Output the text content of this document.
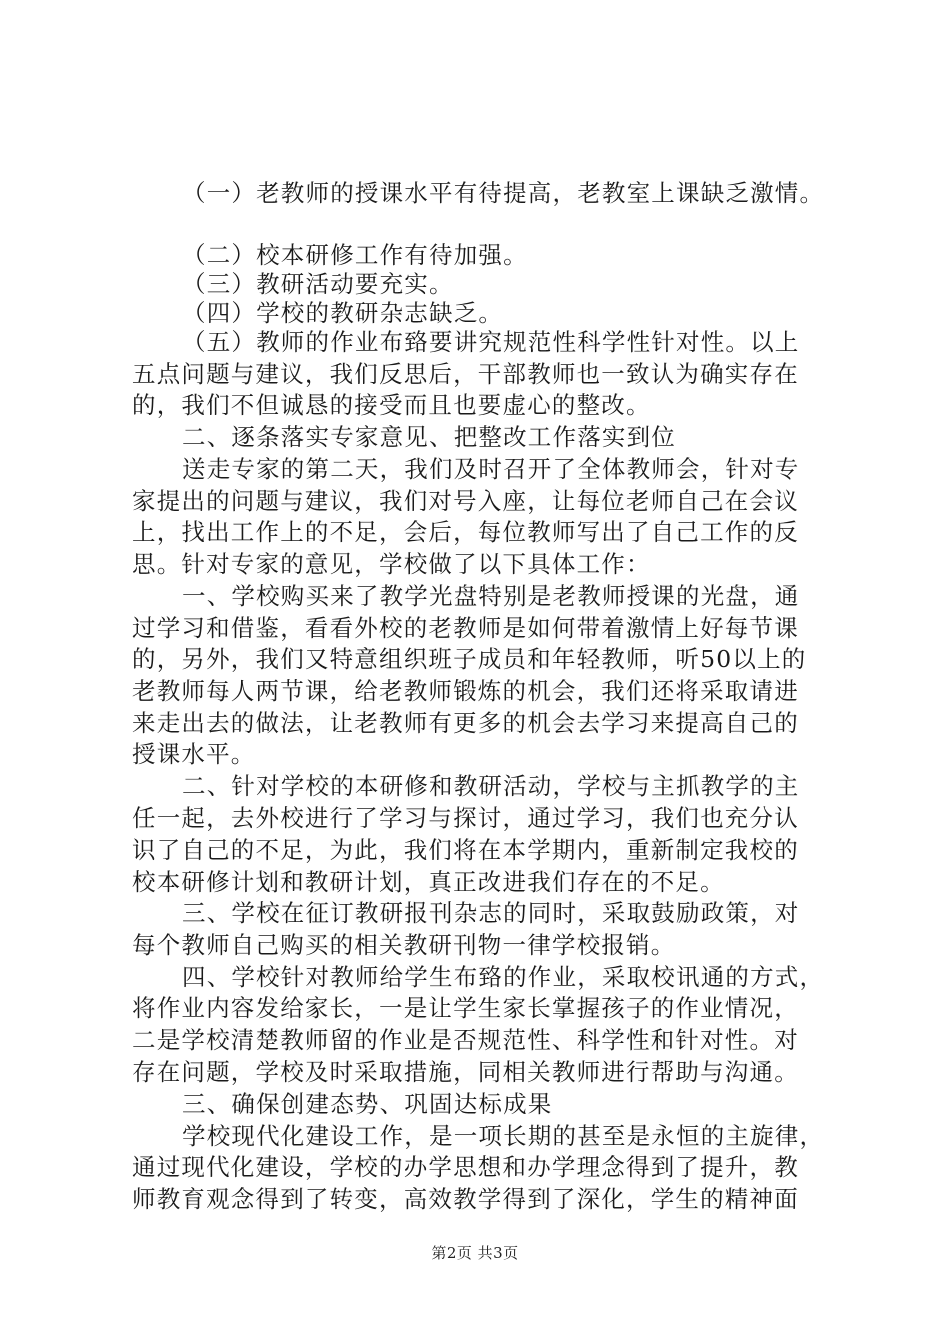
（一）老教师的授课水平有待提高，老教室上课缺乏激情。
（二）校本研修工作有待加强。
（三）教研活动要充实。
（四）学校的教研杂志缺乏。
（五）教师的作业布臵要讲究规范性科学性针对性。以上
五点问题与建议，我们反思后，干部教师也一致认为确实存在
的，我们不但诚恳的接受而且也要虚心的整改。
二、逐条落实专家意见、把整改工作落实到位
送走专家的第二天，我们及时召开了全体教师会，针对专
家提出的问题与建议，我们对号入座，让每位老师自己在会议
上，找出工作上的不足，会后，每位教师写出了自己工作的反
思。针对专家的意见，学校做了以下具体工作：
一、学校购买来了教学光盘特别是老教师授课的光盘，通
过学习和借鉴，看看外校的老教师是如何带着激情上好每节课
的，另外，我们又特意组织班子成员和年轻教师，听50以上的
老教师每人两节课，给老教师锻炼的机会，我们还将采取请进
来走出去的做法，让老教师有更多的机会去学习来提高自己的
授课水平。
二、针对学校的本研修和教研活动，学校与主抓教学的主
任一起，去外校进行了学习与探讨，通过学习，我们也充分认
识了自己的不足，为此，我们将在本学期内，重新制定我校的
校本研修计划和教研计划，真正改进我们存在的不足。
三、学校在征订教研报刊杂志的同时，采取鼓励政策，对
每个教师自己购买的相关教研刊物一律学校报销。
四、学校针对教师给学生布臵的作业，采取校讯通的方式，
将作业内容发给家长，一是让学生家长掌握孩子的作业情况，
二是学校清楚教师留的作业是否规范性、科学性和针对性。对
存在问题，学校及时采取措施，同相关教师进行帮助与沟通。
三、确保创建态势、巩固达标成果
学校现代化建设工作，是一项长期的甚至是永恒的主旋律，
通过现代化建设，学校的办学思想和办学理念得到了提升，教
师教育观念得到了转变，高效教学得到了深化，学生的精神面
第2页 共3页
